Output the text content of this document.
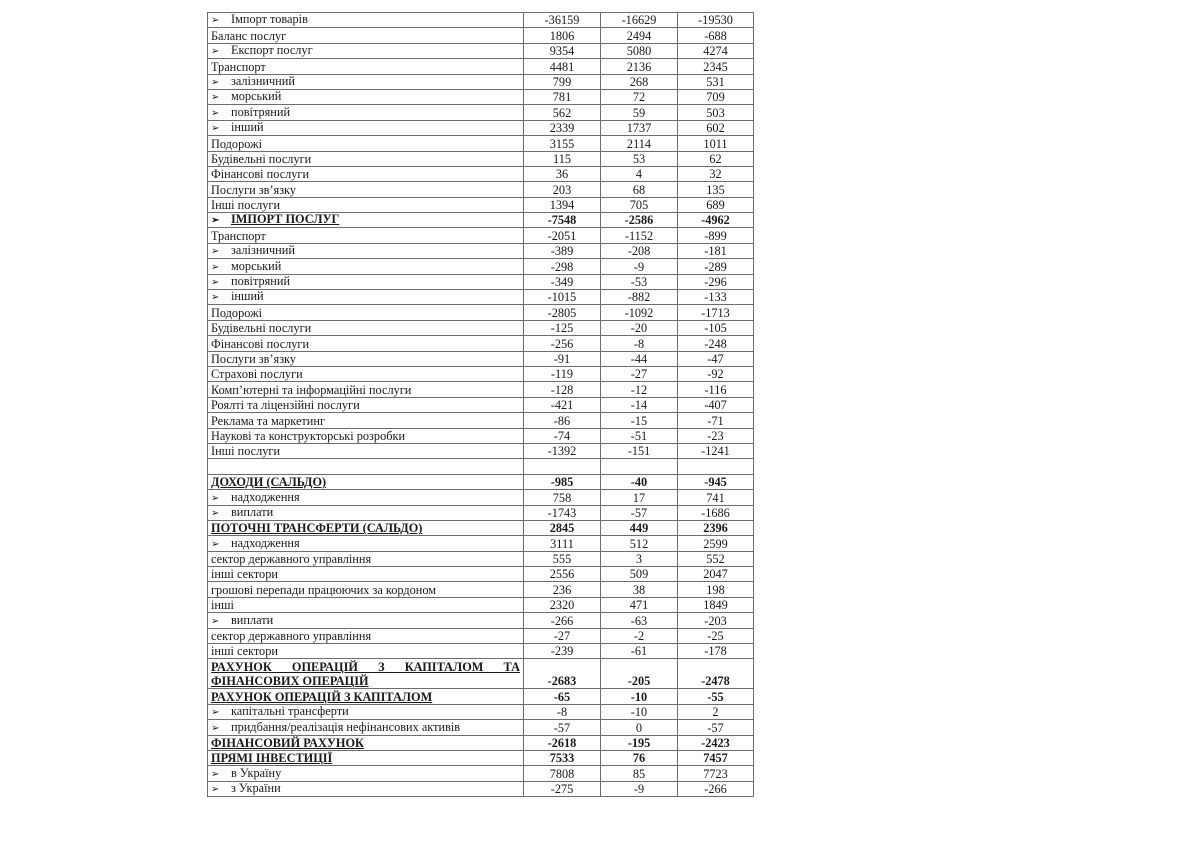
➢ Імпорт товарів	-36159	-16629	-19530
Баланс послуг	1806	2494	-688
➢ Експорт послуг	9354	5080	4274
Транспорт	4481	2136	2345
➢ залізничний	799	268	531
➢ морський	781	72	709
➢ повітряний	562	59	503
➢ інший	2339	1737	602
Подорожі	3155	2114	1011
Будівельні послуги	115	53	62
Фінансові послуги	36	4	32
Послуги зв’язку	203	68	135
Інші послуги	1394	705	689
➢ ІМПОРТ ПОСЛУГ	-7548	-2586	-4962
Транспорт	-2051	-1152	-899
➢ залізничний	-389	-208	-181
➢ морський	-298	-9	-289
➢ повітряний	-349	-53	-296
➢ інший	-1015	-882	-133
Подорожі	-2805	-1092	-1713
Будівельні послуги	-125	-20	-105
Фінансові послуги	-256	-8	-248
Послуги зв’язку	-91	-44	-47
Страхові послуги	-119	-27	-92
Комп’ютерні та інформаційні послуги	-128	-12	-116
Роялті та ліцензійні послуги	-421	-14	-407
Реклама та маркетинг	-86	-15	-71
Наукові та конструкторські розробки	-74	-51	-23
Інші послуги	-1392	-151	-1241

ДОХОДИ (САЛЬДО)	-985	-40	-945
➢ надходження	758	17	741
➢ виплати	-1743	-57	-1686
ПОТОЧНІ ТРАНСФЕРТИ (САЛЬДО)	2845	449	2396
➢ надходження	3111	512	2599
сектор державного управління	555	3	552
інші сектори	2556	509	2047
грошові перепади працюючих за кордоном	236	38	198
інші	2320	471	1849
➢ виплати	-266	-63	-203
сектор державного управління	-27	-2	-25
інші сектори	-239	-61	-178
РАХУНОК ОПЕРАЦІЙ З КАПІТАЛОМ ТА ФІНАНСОВИХ ОПЕРАЦІЙ	-2683	-205	-2478
РАХУНОК ОПЕРАЦІЙ З КАПІТАЛОМ	-65	-10	-55
➢ капітальні трансферти	-8	-10	2
➢ придбання/реалізація нефінансових активів	-57	0	-57
ФІНАНСОВИЙ РАХУНОК	-2618	-195	-2423
ПРЯМІ ІНВЕСТИЦІЇ	7533	76	7457
➢ в Україну	7808	85	7723
➢ з України	-275	-9	-266
